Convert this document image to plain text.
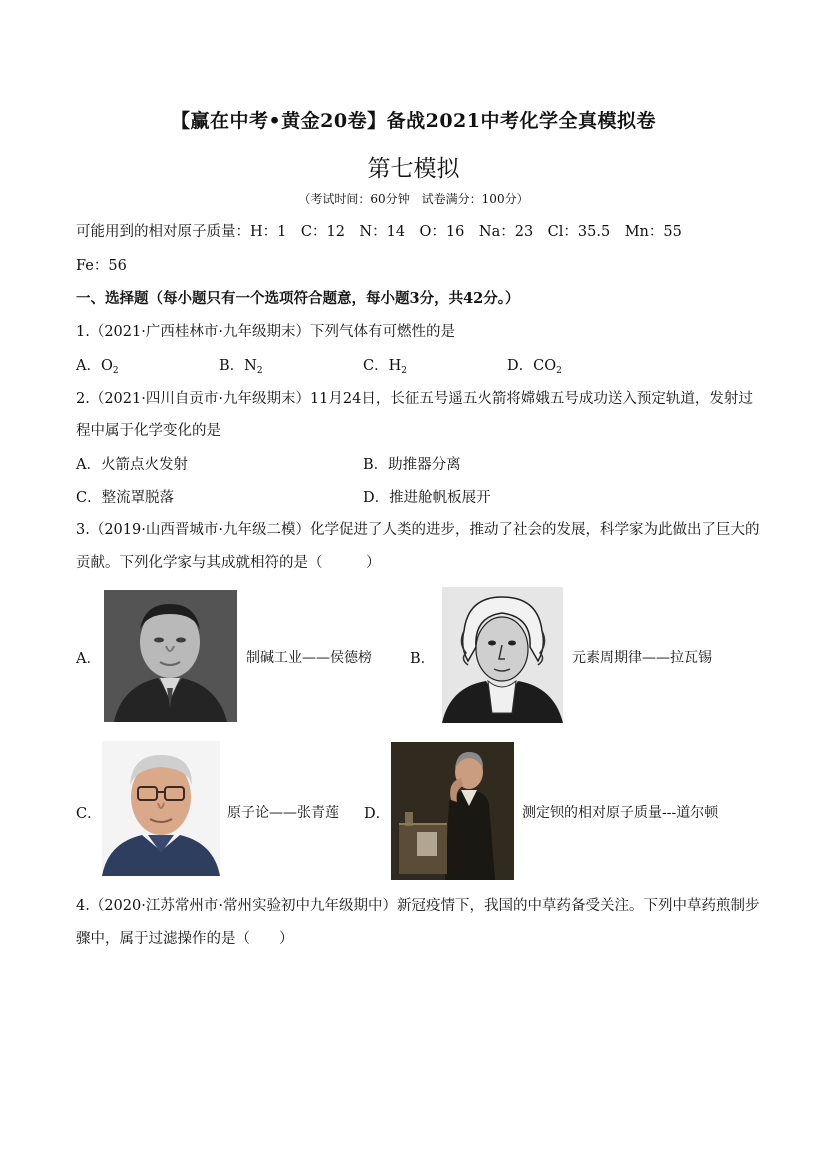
【赢在中考•黄金20卷】备战2021中考化学全真模拟卷
第七模拟
（考试时间：60分钟　试卷满分：100分）
可能用到的相对原子质量：H：1　C：12　N：14　O：16　Na：23　Cl：35.5　Mn：55
Fe：56
一、选择题（每小题只有一个选项符合题意，每小题3分，共42分。）
1.（2021·广西桂林市·九年级期末）下列气体有可燃性的是
A．$O_2$	B．$N_2$	C．$H_2$	D．$CO_2$
2.（2021·四川自贡市·九年级期末）11月24日，长征五号遥五火箭将嫦娥五号成功送入预定轨道，发射过
程中属于化学变化的是
A．火箭点火发射	B．助推器分离
C．整流罩脱落	D．推进舱帆板展开
3.（2019·山西晋城市·九年级二模）化学促进了人类的进步，推动了社会的发展，科学家为此做出了巨大的
贡献。下列化学家与其成就相符的是（　　　）
A．	制碱工业——侯德榜	B．	元素周期律——拉瓦锡
C．	原子论——张青莲 D．	测定钡的相对原子质量---道尔顿
4.（2020·江苏常州市·常州实验初中九年级期中）新冠疫情下，我国的中草药备受关注。下列中草药煎制步
骤中，属于过滤操作的是（　　）
